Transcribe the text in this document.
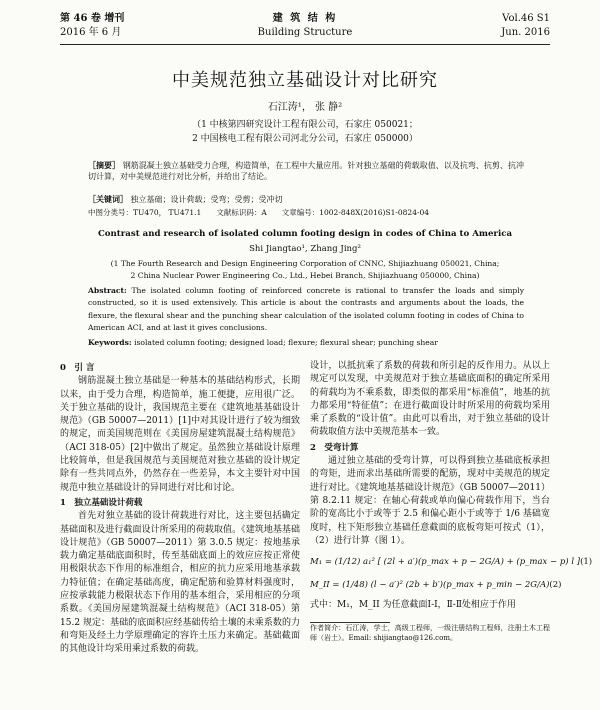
第 46 卷 增刊
2016 年 6 月
建 筑 结 构
Building Structure
Vol.46 S1
Jun. 2016
中美规范独立基础设计对比研究
石江涛¹， 张 静²
（1 中核第四研究设计工程有限公司，石家庄 050021；
2 中国核电工程有限公司河北分公司，石家庄 050000）
［摘要］ 钢筋混凝土独立基础受力合理，构造简单，在工程中大量应用。针对独立基础的荷载取值、以及抗弯、抗剪、抗冲切计算，对中美规范进行对比分析，并给出了结论。
［关键词］ 独立基础；设计荷载；受弯；受剪；受冲切
中图分类号：TU470， TU471.1　　文献标识码：A　　文章编号：1002-848X(2016)S1-0824-04
Contrast and research of isolated column footing design in codes of China to America
Shi Jiangtao¹, Zhang Jing²
(1 The Fourth Research and Design Engineering Corporation of CNNC, Shijiazhuang 050021, China;
2 China Nuclear Power Engineering Co., Ltd., Hebei Branch, Shijiazhuang 050000, China)
Abstract: The isolated column footing of reinforced concrete is rational to transfer the loads and simply constructed, so it is used extensively. This article is about the contrasts and arguments about the loads, the flexure, the flexural shear and the punching shear calculation of the isolated column footing in codes of China to American ACI, and at last it gives conclusions.
Keywords: isolated column footing; designed load; flexure; flexural shear; punching shear
0　引 言

钢筋混凝土独立基础是一种基本的基础结构形式，长期以来，由于受力合理，构造简单，施工便捷，应用很广泛。关于独立基础的设计，我国规范主要在《建筑地基基础设计规范》（GB 50007—2011）[1]中对其设计进行了较为细致的规定，而美国规范则在《美国房屋建筑混凝土结构规范》（ACI 318-05）[2]中做出了规定。虽然独立基础设计原理比较简单，但是我国规范与美国规范对独立基础的设计规定除有一些共同点外，仍然存在一些差异，本文主要针对中国规范中独立基础设计的异同进行对比和讨论。

1　独立基础设计荷载

首先对独立基础的设计荷载进行对比，这主要包括确定基础面积及进行截面设计所采用的荷载取值。《建筑地基基础设计规范》（GB 50007—2011）第 3.0.5 规定：按地基承载力确定基础底面积时，传至基础底面上的效应应按正常使用极限状态下作用的标准组合，相应的抗力应采用地基承载力特征值；在确定基础高度，确定配筋和验算材料强度时，应按承载能力极限状态下作用的基本组合，采用相应的分项系数。《美国房屋建筑混凝土结构规范》（ACI 318-05）第 15.2 规定：基础的底面积应经基础传给土壤的未乘系数的力和弯矩及经土力学原理确定的容许土压力来确定。基础截面的其他设计均采用乘过系数的荷载。

设计，以抵抗乘了系数的荷载和所引起的反作用力。从以上规定可以发现，中美规范对于独立基础底面积的确定所采用的荷载均为不乘系数，即类似的都采用“标准值”，地基的抗力都采用“特征值”；在进行截面设计时所采用的荷载均采用乘了系数的“设计值”。由此可以看出，对于独立基础的设计荷载取值方法中美规范基本一致。

2　受弯计算

通过独立基础的受弯计算，可以得到独立基础底板承担的弯矩，进而求出基础所需要的配筋，现对中美规范的规定进行对比。《建筑地基基础设计规范》（GB 50007—2011）第 8.2.11 规定：在轴心荷载或单向偏心荷载作用下，当台阶的宽高比小于或等于 2.5 和偏心距小于或等于 1/6 基础宽度时，柱下矩形独立基础任意截面的底板弯矩可按式（1），（2）进行计算（图 1）。

M₁ = (1/12) a₁² [ (2l + a′)(p_max + p − 2G/A) + (p_max − p) l ] (1)
M_II = (1/48) (l − a′)² (2b + b′)(p_max + p_min − 2G/A) (2)
式中：M₁，M_II 为任意截面Ⅰ-Ⅰ，Ⅱ-Ⅱ处相应于作用
作者简介：石江涛，学士，高级工程师，一级注册结构工程师，注册土木工程师（岩土）。Email: shijiangtao@126.com。
